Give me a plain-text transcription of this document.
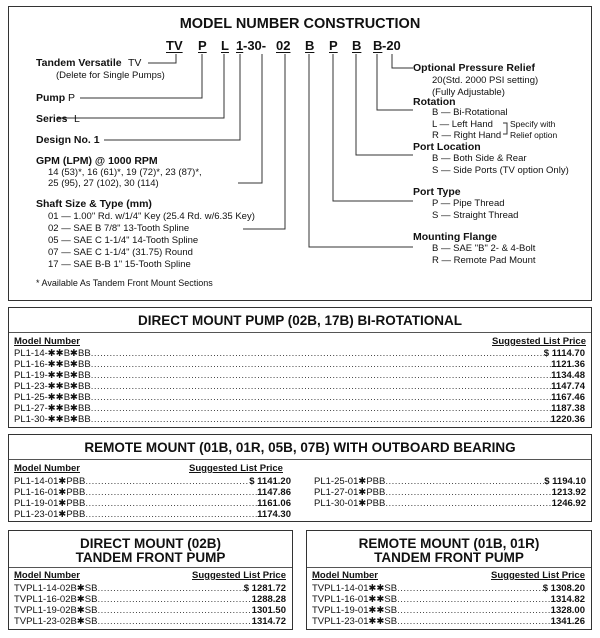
MODEL NUMBER CONSTRUCTION
TV P L 1 -30- 02 B P B B -20
Tandem Versatile TV
(Delete for Single Pumps)
Pump P
Series L
Design No. 1
GPM (LPM) @ 1000 RPM
14 (53)*, 16 (61)*, 19 (72)*, 23 (87)*,
25 (95), 27 (102), 30 (114)
Shaft Size & Type (mm)
01 — 1.00" Rd. w/1/4" Key (25.4 Rd. w/6.35 Key)
02 — SAE B 7/8" 13-Tooth Spline
05 — SAE C 1-1/4" 14-Tooth Spline
07 — SAE C 1-1/4" (31.75) Round
17 — SAE B-B 1" 15-Tooth Spline
* Available As Tandem Front Mount Sections
Optional Pressure Relief
20(Std. 2000 PSI setting)
(Fully Adjustable)
Rotation
B — Bi-Rotational
L — Left Hand
R — Right Hand
Specify with
Relief option
Port Location
B — Both Side & Rear
S — Side Ports (TV option Only)
Port Type
P — Pipe Thread
S — Straight Thread
Mounting Flange
B — SAE "B" 2- & 4-Bolt
R — Remote Pad Mount
DIRECT MOUNT PUMP (02B, 17B) BI-ROTATIONAL
Model Number	Suggested List Price
PL1-14-✱✱B✱BB .....	$ 1114.70
PL1-16-✱✱B✱BB .....	1121.36
PL1-19-✱✱B✱BB .....	1134.48
PL1-23-✱✱B✱BB .....	1147.74
PL1-25-✱✱B✱BB .....	1167.46
PL1-27-✱✱B✱BB .....	1187.38
PL1-30-✱✱B✱BB .....	1220.36
REMOTE MOUNT (01B, 01R, 05B, 07B) WITH OUTBOARD BEARING
Model Number	Suggested List Price
PL1-14-01✱PBB .....	$ 1141.20
PL1-16-01✱PBB .....	1147.86
PL1-19-01✱PBB .....	1161.06
PL1-23-01✱PBB .....	1174.30
PL1-25-01✱PBB .....	$ 1194.10
PL1-27-01✱PBB .....	1213.92
PL1-30-01✱PBB .....	1246.92
DIRECT MOUNT (02B)
TANDEM FRONT PUMP
Model Number	Suggested List Price
TVPL1-14-02B✱SB .....	$ 1281.72
TVPL1-16-02B✱SB .....	1288.28
TVPL1-19-02B✱SB .....	1301.50
TVPL1-23-02B✱SB .....	1314.72
REMOTE MOUNT (01B, 01R)
TANDEM FRONT PUMP
Model Number	Suggested List Price
TVPL1-14-01✱✱SB .....	$ 1308.20
TVPL1-16-01✱✱SB .....	1314.82
TVPL1-19-01✱✱SB .....	1328.00
TVPL1-23-01✱✱SB .....	1341.26
